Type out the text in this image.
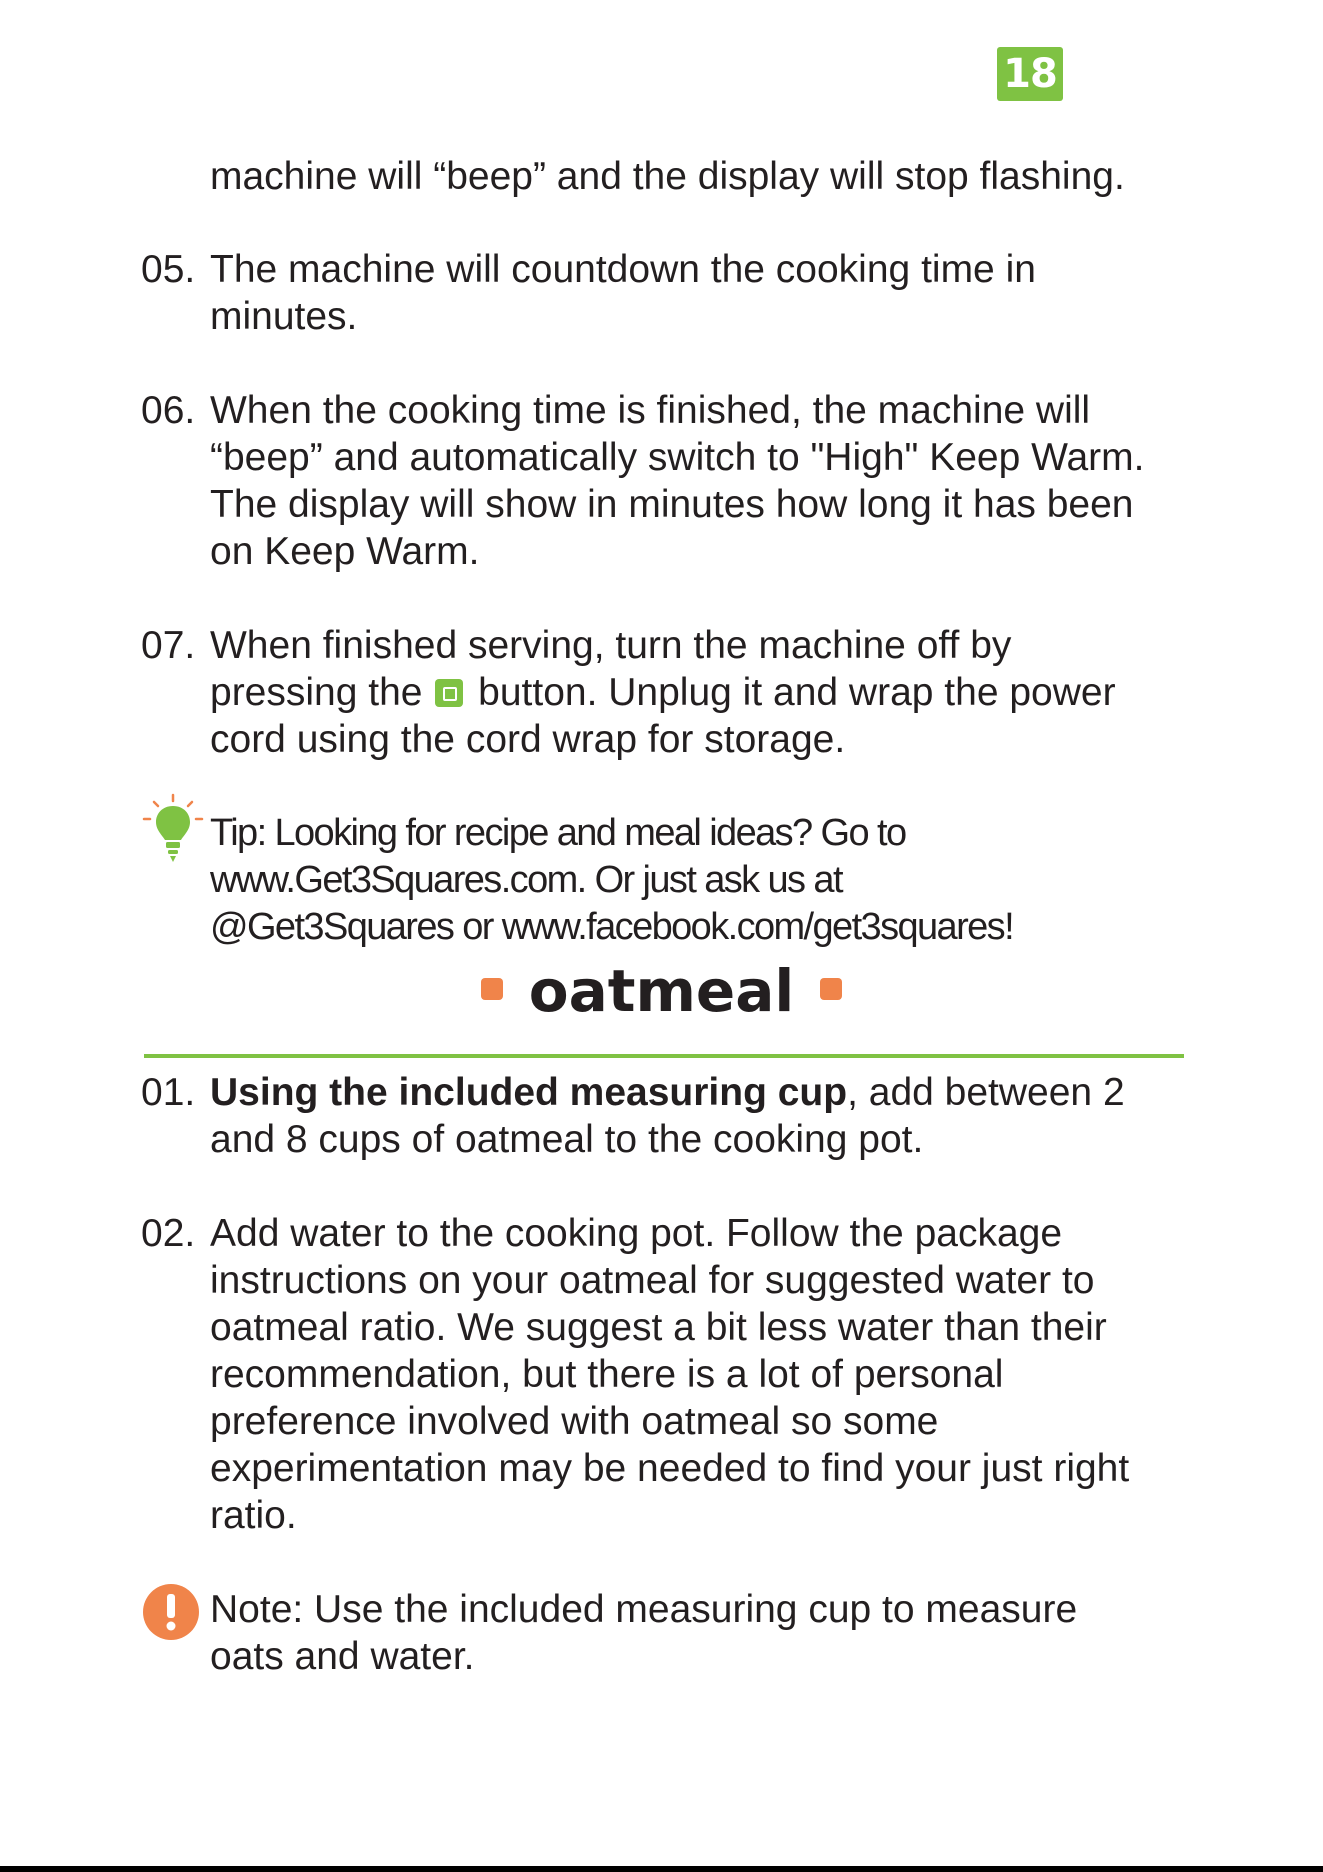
18
machine will “beep” and the display will stop flashing.
05. The machine will countdown the cooking time in
minutes.
06. When the cooking time is finished, the machine will
“beep” and automatically switch to "High" Keep Warm.
The display will show in minutes how long it has been
on Keep Warm.
07. When finished serving, turn the machine off by
pressing the button. Unplug it and wrap the power
cord using the cord wrap for storage.
Tip: Looking for recipe and meal ideas? Go to
www.Get3Squares.com. Or just ask us at
@Get3Squares or www.facebook.com/get3squares!
oatmeal
01. Using the included measuring cup, add between 2
and 8 cups of oatmeal to the cooking pot.
02. Add water to the cooking pot. Follow the package
instructions on your oatmeal for suggested water to
oatmeal ratio. We suggest a bit less water than their
recommendation, but there is a lot of personal
preference involved with oatmeal so some
experimentation may be needed to find your just right
ratio.
Note: Use the included measuring cup to measure
oats and water.
